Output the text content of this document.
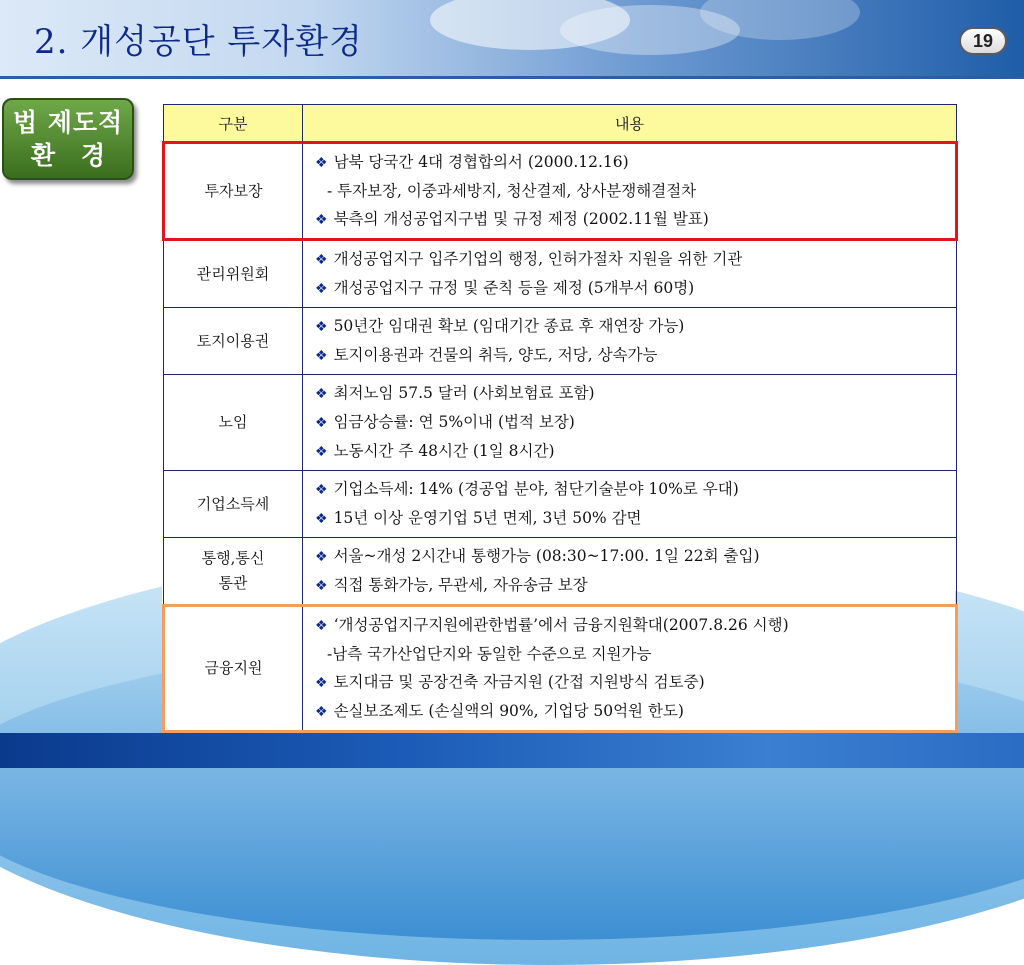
2. 개성공단 투자환경	19
법 제도적
환경
구분	내용
투자보장	❖ 남북 당국간 4대 경협합의서 (2000.12.16)
- 투자보장, 이중과세방지, 청산결제, 상사분쟁해결절차
❖ 북측의 개성공업지구법 및 규정 제정 (2002.11월 발표)

관리위원회	❖ 개성공업지구 입주기업의 행정, 인허가절차 지원을 위한 기관
❖ 개성공업지구 규정 및 준칙 등을 제정 (5개부서 60명)

토지이용권	❖ 50년간 임대권 확보 (임대기간 종료 후 재연장 가능)
❖ 토지이용권과 건물의 취득, 양도, 저당, 상속가능

노임	❖ 최저노임 57.5 달러 (사회보험료 포함)
❖ 임금상승률: 연 5%이내 (법적 보장)
❖ 노동시간 주 48시간 (1일 8시간)

기업소득세	❖ 기업소득세: 14% (경공업 분야, 첨단기술분야 10%로 우대)
❖ 15년 이상 운영기업 5년 면제, 3년 50% 감면

통행,통신
통관	❖ 서울~개성 2시간내 통행가능 (08:30~17:00. 1일 22회 출입)
❖ 직접 통화가능, 무관세, 자유송금 보장

금융지원	❖ ‘개성공업지구지원에관한법률’에서 금융지원확대(2007.8.26 시행)
-남측 국가산업단지와 동일한 수준으로 지원가능
❖ 토지대금 및 공장건축 자금지원 (간접 지원방식 검토중)
❖ 손실보조제도 (손실액의 90%, 기업당 50억원 한도)
